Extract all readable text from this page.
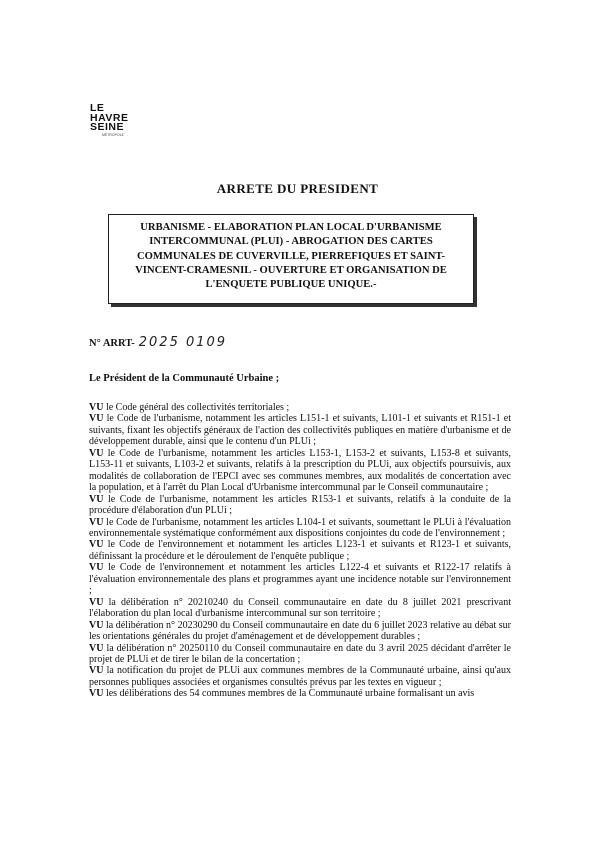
LE
HAVRE
SEINE
MÉTROPOLE
ARRETE DU PRESIDENT
URBANISME - ELABORATION PLAN LOCAL D'URBANISME INTERCOMMUNAL (PLUI) - ABROGATION DES CARTES COMMUNALES DE CUVERVILLE, PIERREFIQUES ET SAINT-VINCENT-CRAMESNIL - OUVERTURE ET ORGANISATION DE L'ENQUETE PUBLIQUE UNIQUE.-
N° ARRT- 2025 0109
Le Président de la Communauté Urbaine ;

VU le Code général des collectivités territoriales ;

VU le Code de l'urbanisme, notamment les articles L151-1 et suivants, L101-1 et suivants et R151-1 et suivants, fixant les objectifs généraux de l'action des collectivités publiques en matière d'urbanisme et de développement durable, ainsi que le contenu d'un PLUi ;

VU le Code de l'urbanisme, notamment les articles L153-1, L153-2 et suivants, L153-8 et suivants, L153-11 et suivants, L103-2 et suivants, relatifs à la prescription du PLUi, aux objectifs poursuivis, aux modalités de collaboration de l'EPCI avec ses communes membres, aux modalités de concertation avec la population, et à l'arrêt du Plan Local d'Urbanisme intercommunal par le Conseil communautaire ;

VU le Code de l'urbanisme, notamment les articles R153-1 et suivants, relatifs à la conduite de la procédure d'élaboration d'un PLUi ;

VU le Code de l'urbanisme, notamment les articles L104-1 et suivants, soumettant le PLUi à l'évaluation environnementale systématique conformément aux dispositions conjointes du code de l'environnement ;

VU le Code de l'environnement et notamment les articles L123-1 et suivants et R123-1 et suivants, définissant la procédure et le déroulement de l'enquête publique ;

VU le Code de l'environnement et notamment les articles L122-4 et suivants et R122-17 relatifs à l'évaluation environnementale des plans et programmes ayant une incidence notable sur l'environnement ;

VU la délibération n° 20210240 du Conseil communautaire en date du 8 juillet 2021 prescrivant l'élaboration du plan local d'urbanisme intercommunal sur son territoire ;

VU la délibération n° 20230290 du Conseil communautaire en date du 6 juillet 2023 relative au débat sur les orientations générales du projet d'aménagement et de développement durables ;

VU la délibération n° 20250110 du Conseil communautaire en date du 3 avril 2025 décidant d'arrêter le projet de PLUi et de tirer le bilan de la concertation ;

VU la notification du projet de PLUi aux communes membres de la Communauté urbaine, ainsi qu'aux personnes publiques associées et organismes consultés prévus par les textes en vigueur ;

VU les délibérations des 54 communes membres de la Communauté urbaine formalisant un avis
